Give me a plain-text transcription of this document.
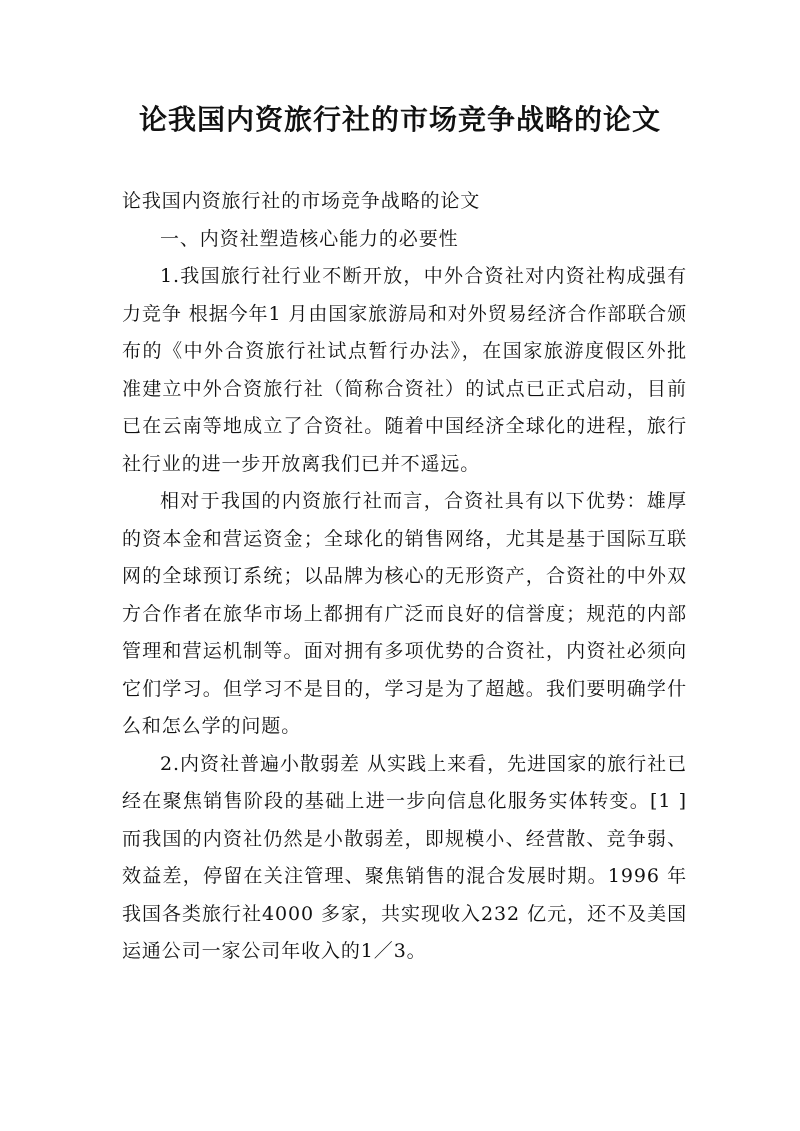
论我国内资旅行社的市场竞争战略的论文

论我国内资旅行社的市场竞争战略的论文

一、内资社塑造核心能力的必要性

1.我国旅行社行业不断开放，中外合资社对内资社构成强有力竞争 根据今年1 月由国家旅游局和对外贸易经济合作部联合颁布的《中外合资旅行社试点暂行办法》，在国家旅游度假区外批准建立中外合资旅行社（简称合资社）的试点已正式启动，目前已在云南等地成立了合资社。随着中国经济全球化的进程，旅行社行业的进一步开放离我们已并不遥远。

相对于我国的内资旅行社而言，合资社具有以下优势：雄厚的资本金和营运资金；全球化的销售网络，尤其是基于国际互联网的全球预订系统；以品牌为核心的无形资产，合资社的中外双方合作者在旅华市场上都拥有广泛而良好的信誉度；规范的内部管理和营运机制等。面对拥有多项优势的合资社，内资社必须向它们学习。但学习不是目的，学习是为了超越。我们要明确学什么和怎么学的问题。

2.内资社普遍小散弱差 从实践上来看，先进国家的旅行社已经在聚焦销售阶段的基础上进一步向信息化服务实体转变。[1 ]而我国的内资社仍然是小散弱差，即规模小、经营散、竞争弱、效益差，停留在关注管理、聚焦销售的混合发展时期。1996 年我国各类旅行社4000 多家，共实现收入232 亿元，还不及美国运通公司一家公司年收入的1／3。
